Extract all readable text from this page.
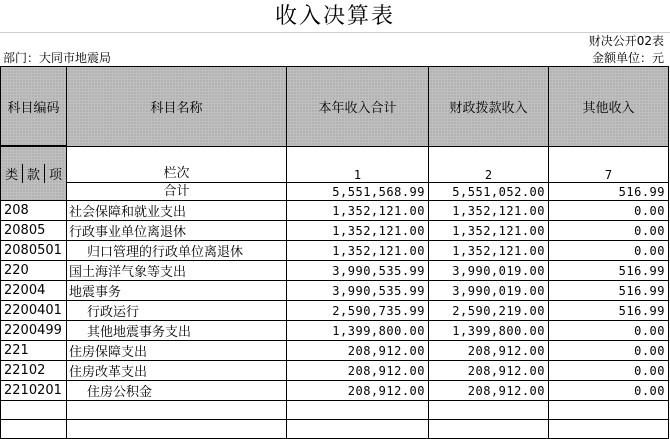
收入决算表
财决公开02表
部门：大同市地震局	金额单位：元
科目编码	科目名称	本年收入合计	财政拨款收入	其他收入

类 款 项	栏次	1	2	7
	合计	5,551,568.99	5,551,052.00	516.99
208	社会保障和就业支出	1,352,121.00	1,352,121.00	0.00
20805	行政事业单位离退休	1,352,121.00	1,352,121.00	0.00
2080501	归口管理的行政单位离退休	1,352,121.00	1,352,121.00	0.00
220	国土海洋气象等支出	3,990,535.99	3,990,019.00	516.99
22004	地震事务	3,990,535.99	3,990,019.00	516.99
2200401	行政运行	2,590,735.99	2,590,219.00	516.99
2200499	其他地震事务支出	1,399,800.00	1,399,800.00	0.00
221	住房保障支出	208,912.00	208,912.00	0.00
22102	住房改革支出	208,912.00	208,912.00	0.00
2210201	住房公积金	208,912.00	208,912.00	0.00
